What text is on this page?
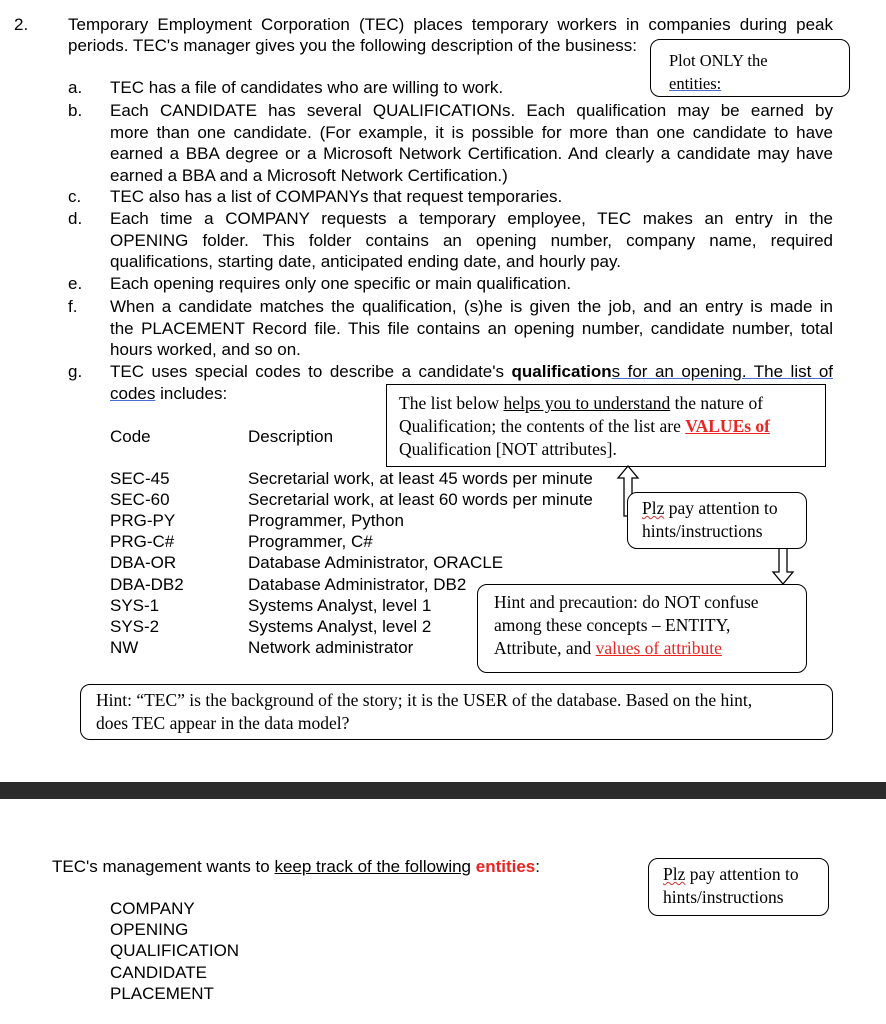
2. Temporary Employment Corporation (TEC) places temporary workers in companies during peak
periods. TEC's manager gives you the following description of the business:
Plot ONLY the
entities:
a. TEC has a file of candidates who are willing to work.
b. Each CANDIDATE has several QUALIFICATIONs. Each qualification may be earned by
more than one candidate. (For example, it is possible for more than one candidate to have
earned a BBA degree or a Microsoft Network Certification. And clearly a candidate may have
earned a BBA and a Microsoft Network Certification.)
c. TEC also has a list of COMPANYs that request temporaries.
d. Each time a COMPANY requests a temporary employee, TEC makes an entry in the
OPENING folder. This folder contains an opening number, company name, required
qualifications, starting date, anticipated ending date, and hourly pay.
e. Each opening requires only one specific or main qualification.
f. When a candidate matches the qualification, (s)he is given the job, and an entry is made in
the PLACEMENT Record file. This file contains an opening number, candidate number, total
hours worked, and so on.
g. TEC uses special codes to describe a candidate's qualifications for an opening. The list of
codes includes:	The list below helps you to understand the nature of
Qualification; the contents of the list are VALUEs of
Qualification [NOT attributes].
Code	Description
SEC-45	Secretarial work, at least 45 words per minute
SEC-60	Secretarial work, at least 60 words per minute
PRG-PY	Programmer, Python
PRG-C#	Programmer, C#
DBA-OR	Database Administrator, ORACLE
DBA-DB2	Database Administrator, DB2
SYS-1	Systems Analyst, level 1
SYS-2	Systems Analyst, level 2
NW	Network administrator
Plz pay attention to
hints/instructions
Hint and precaution: do NOT confuse
among these concepts – ENTITY,
Attribute, and values of attribute
Hint: “TEC” is the background of the story; it is the USER of the database. Based on the hint,
does TEC appear in the data model?
TEC's management wants to keep track of the following entities:	Plz pay attention to
hints/instructions
COMPANY
OPENING
QUALIFICATION
CANDIDATE
PLACEMENT
